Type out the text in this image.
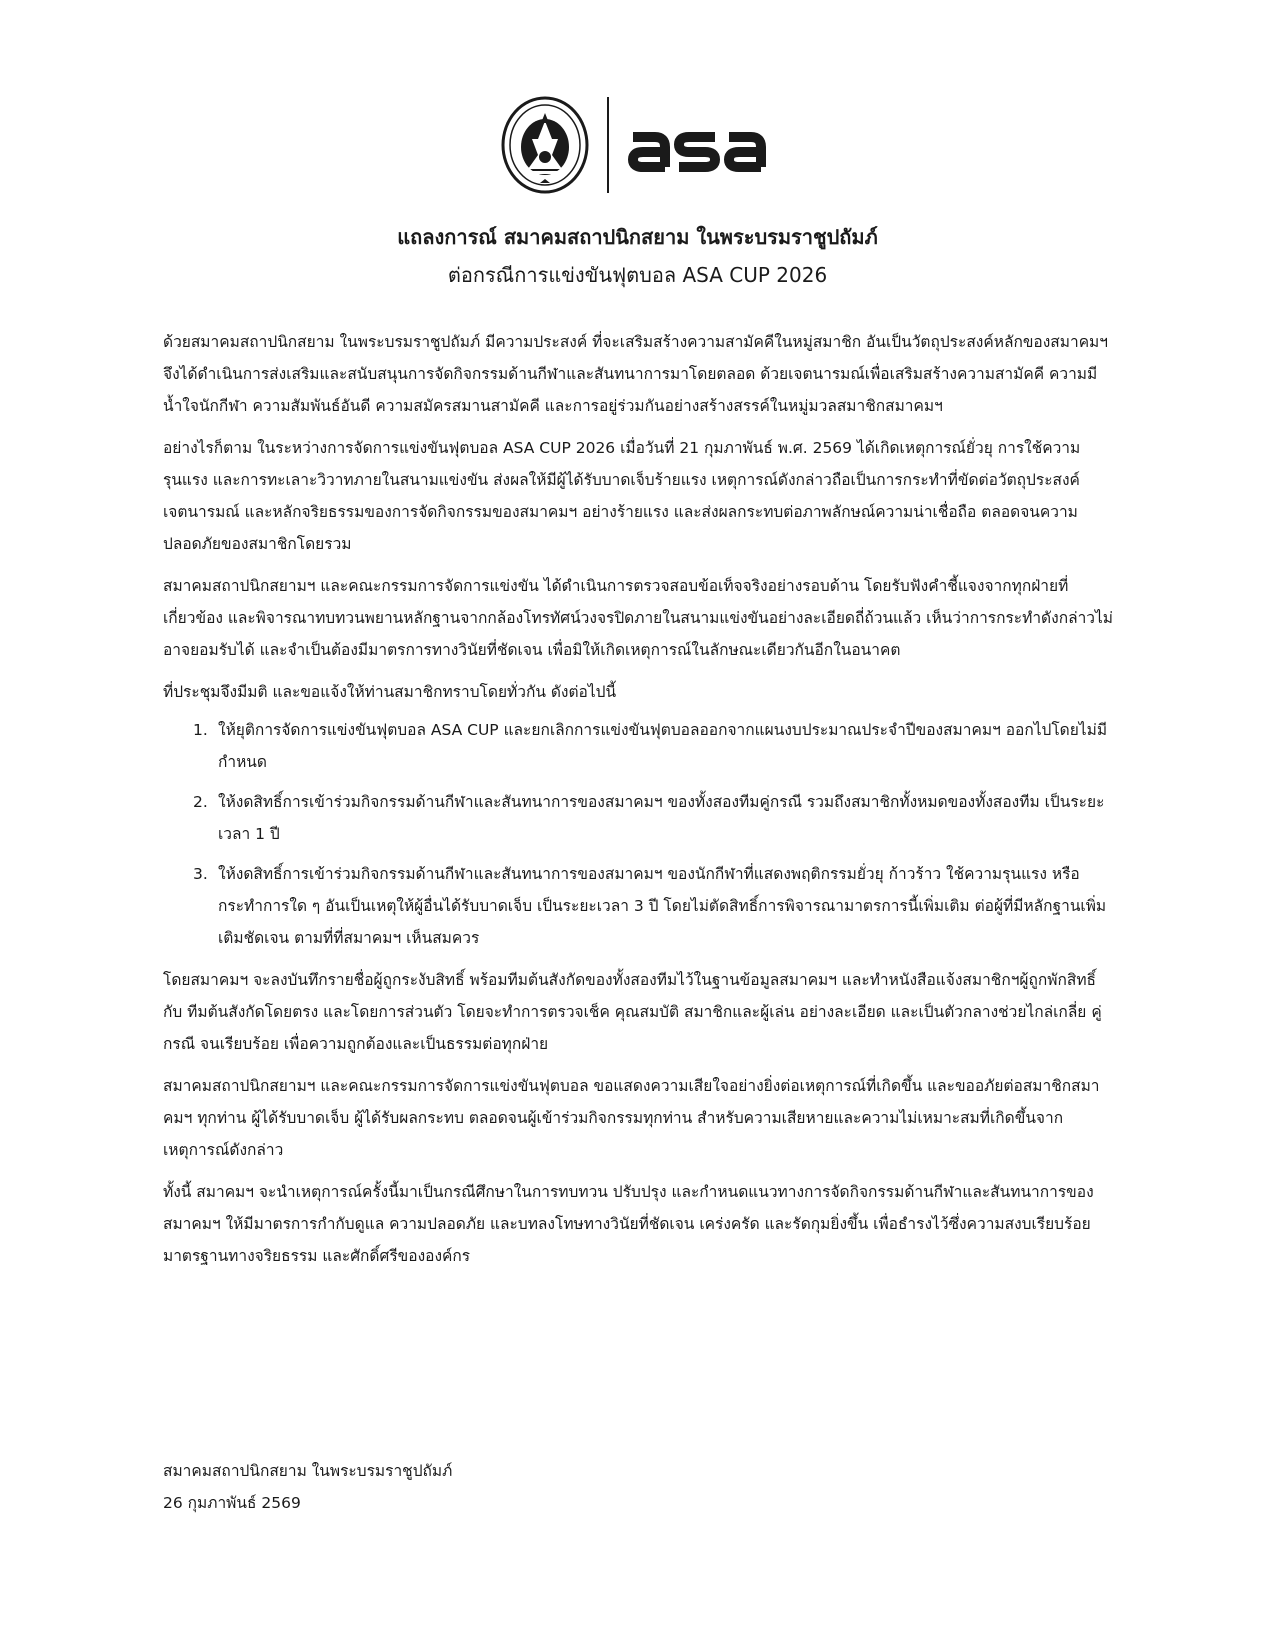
แถลงการณ์ สมาคมสถาปนิกสยาม ในพระบรมราชูปถัมภ์
ต่อกรณีการแข่งขันฟุตบอล ASA CUP 2026

ด้วยสมาคมสถาปนิกสยาม ในพระบรมราชูปถัมภ์ มีความประสงค์ ที่จะเสริมสร้างความสามัคคีในหมู่สมาชิก อันเป็นวัตถุประสงค์หลักของสมาคมฯ จึงได้ดำเนินการส่งเสริมและสนับสนุนการจัดกิจกรรมด้านกีฬาและสันทนาการมาโดยตลอด ด้วยเจตนารมณ์เพื่อเสริมสร้างความสามัคคี ความมีน้ำใจนักกีฬา ความสัมพันธ์อันดี ความสมัครสมานสามัคคี และการอยู่ร่วมกันอย่างสร้างสรรค์ในหมู่มวลสมาชิกสมาคมฯ

อย่างไรก็ตาม ในระหว่างการจัดการแข่งขันฟุตบอล ASA CUP 2026 เมื่อวันที่ 21 กุมภาพันธ์ พ.ศ. 2569 ได้เกิดเหตุการณ์ยั่วยุ การใช้ความรุนแรง และการทะเลาะวิวาทภายในสนามแข่งขัน ส่งผลให้มีผู้ได้รับบาดเจ็บร้ายแรง เหตุการณ์ดังกล่าวถือเป็นการกระทำที่ขัดต่อวัตถุประสงค์ เจตนารมณ์ และหลักจริยธรรมของการจัดกิจกรรมของสมาคมฯ อย่างร้ายแรง และส่งผลกระทบต่อภาพลักษณ์ความน่าเชื่อถือ ตลอดจนความปลอดภัยของสมาชิกโดยรวม

สมาคมสถาปนิกสยามฯ และคณะกรรมการจัดการแข่งขัน ได้ดำเนินการตรวจสอบข้อเท็จจริงอย่างรอบด้าน โดยรับฟังคำชี้แจงจากทุกฝ่ายที่เกี่ยวข้อง และพิจารณาทบทวนพยานหลักฐานจากกล้องโทรทัศน์วงจรปิดภายในสนามแข่งขันอย่างละเอียดถี่ถ้วนแล้ว เห็นว่าการกระทำดังกล่าวไม่อาจยอมรับได้ และจำเป็นต้องมีมาตรการทางวินัยที่ชัดเจน เพื่อมิให้เกิดเหตุการณ์ในลักษณะเดียวกันอีกในอนาคต

ที่ประชุมจึงมีมติ และขอแจ้งให้ท่านสมาชิกทราบโดยทั่วกัน ดังต่อไปนี้

1. ให้ยุติการจัดการแข่งขันฟุตบอล ASA CUP และยกเลิกการแข่งขันฟุตบอลออกจากแผนงบประมาณประจำปีของสมาคมฯ ออกไปโดยไม่มีกำหนด
2. ให้งดสิทธิ์การเข้าร่วมกิจกรรมด้านกีฬาและสันทนาการของสมาคมฯ ของทั้งสองทีมคู่กรณี รวมถึงสมาชิกทั้งหมดของทั้งสองทีม เป็นระยะเวลา 1 ปี
3. ให้งดสิทธิ์การเข้าร่วมกิจกรรมด้านกีฬาและสันทนาการของสมาคมฯ ของนักกีฬาที่แสดงพฤติกรรมยั่วยุ ก้าวร้าว ใช้ความรุนแรง หรือกระทำการใด ๆ อันเป็นเหตุให้ผู้อื่นได้รับบาดเจ็บ เป็นระยะเวลา 3 ปี โดยไม่ตัดสิทธิ์การพิจารณามาตรการนี้เพิ่มเติม ต่อผู้ที่มีหลักฐานเพิ่มเติมชัดเจน ตามที่ที่สมาคมฯ เห็นสมควร

โดยสมาคมฯ จะลงบันทึกรายชื่อผู้ถูกระงับสิทธิ์ พร้อมทีมต้นสังกัดของทั้งสองทีมไว้ในฐานข้อมูลสมาคมฯ และทำหนังสือแจ้งสมาชิกฯผู้ถูกพักสิทธิ์ กับ ทีมต้นสังกัดโดยตรง และโดยการส่วนตัว โดยจะทำการตรวจเช็ค คุณสมบัติ สมาชิกและผู้เล่น อย่างละเอียด และเป็นตัวกลางช่วยไกล่เกลี่ย คู่กรณี จนเรียบร้อย เพื่อความถูกต้องและเป็นธรรมต่อทุกฝ่าย

สมาคมสถาปนิกสยามฯ และคณะกรรมการจัดการแข่งขันฟุตบอล ขอแสดงความเสียใจอย่างยิ่งต่อเหตุการณ์ที่เกิดขึ้น และขออภัยต่อสมาชิกสมาคมฯ ทุกท่าน ผู้ได้รับบาดเจ็บ ผู้ได้รับผลกระทบ ตลอดจนผู้เข้าร่วมกิจกรรมทุกท่าน สำหรับความเสียหายและความไม่เหมาะสมที่เกิดขึ้นจากเหตุการณ์ดังกล่าว

ทั้งนี้ สมาคมฯ จะนำเหตุการณ์ครั้งนี้มาเป็นกรณีศึกษาในการทบทวน ปรับปรุง และกำหนดแนวทางการจัดกิจกรรมด้านกีฬาและสันทนาการของสมาคมฯ ให้มีมาตรการกำกับดูแล ความปลอดภัย และบทลงโทษทางวินัยที่ชัดเจน เคร่งครัด และรัดกุมยิ่งขึ้น เพื่อธำรงไว้ซึ่งความสงบเรียบร้อย มาตรฐานทางจริยธรรม และศักดิ์ศรีขององค์กร

สมาคมสถาปนิกสยาม ในพระบรมราชูปถัมภ์
26 กุมภาพันธ์ 2569
